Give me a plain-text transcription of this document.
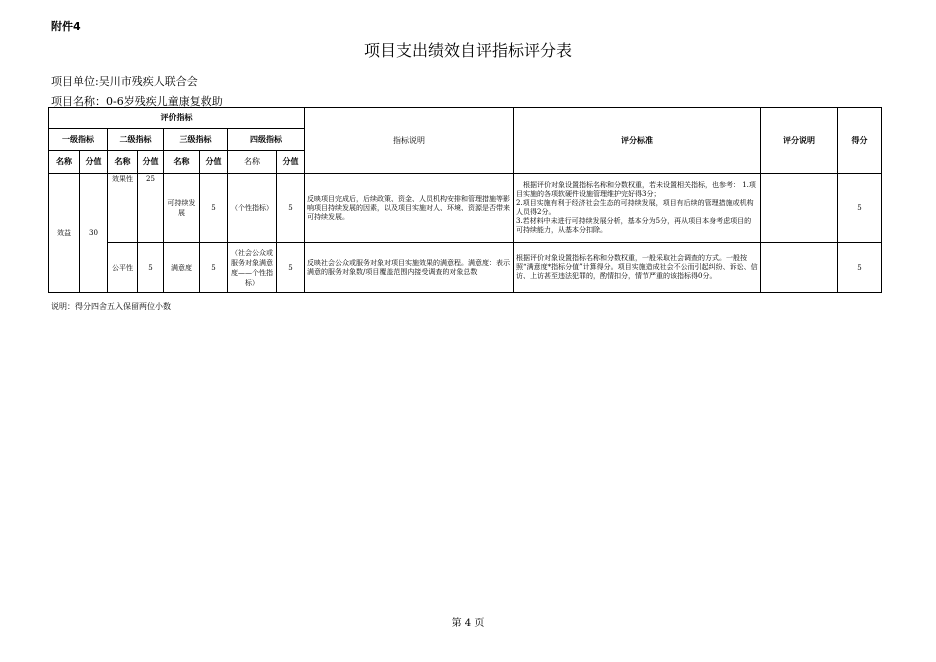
附件4
项目支出绩效自评指标评分表
项目单位:吴川市残疾人联合会
项目名称：0-6岁残疾儿童康复救助
评价指标								指标说明	评分标准	评分说明	得分
一级指标		二级指标		三级指标		四级指标					
名称	分值	名称	分值	名称	分值	名称	分值				
效益	30	效果性	25	可持续发展	5	（个性指标）	5	反映项目完成后，后续政策、资金、人员机构安排和管理措施等影响项目持续发展的因素，以及项目实施对人、环境、资源是否带来可持续发展。	　根据评价对象设置指标名称和分数权重，若未设置相关指标，也参考： 1.项目实施的各项软硬件设施管理维护完好得3分；
2.项目实施有利于经济社会生态的可持续发展，项目有后续的管理措施或机构人员得2分。
3.若材料中未进行可持续发展分析，基本分为5分，再从项目本身考虑项目的可持续能力，从基本分扣除。		5
		公平性	5	满意度	5	（社会公众或服务对象满意度——个性指标）	5	反映社会公众或服务对象对项目实施效果的满意程。满意度：表示满意的服务对象数/项目覆盖范围内接受调查的对象总数	根据评价对象设置指标名称和分数权重，一般采取社会调查的方式。一般按照“满意度*指标分值”计算得分。项目实施造成社会不公而引起纠纷、诉讼、信访、上访甚至违法犯罪的，酌情扣分，情节严重的该指标得0分。		5
说明：得分四舍五入保留两位小数
第 4 页
